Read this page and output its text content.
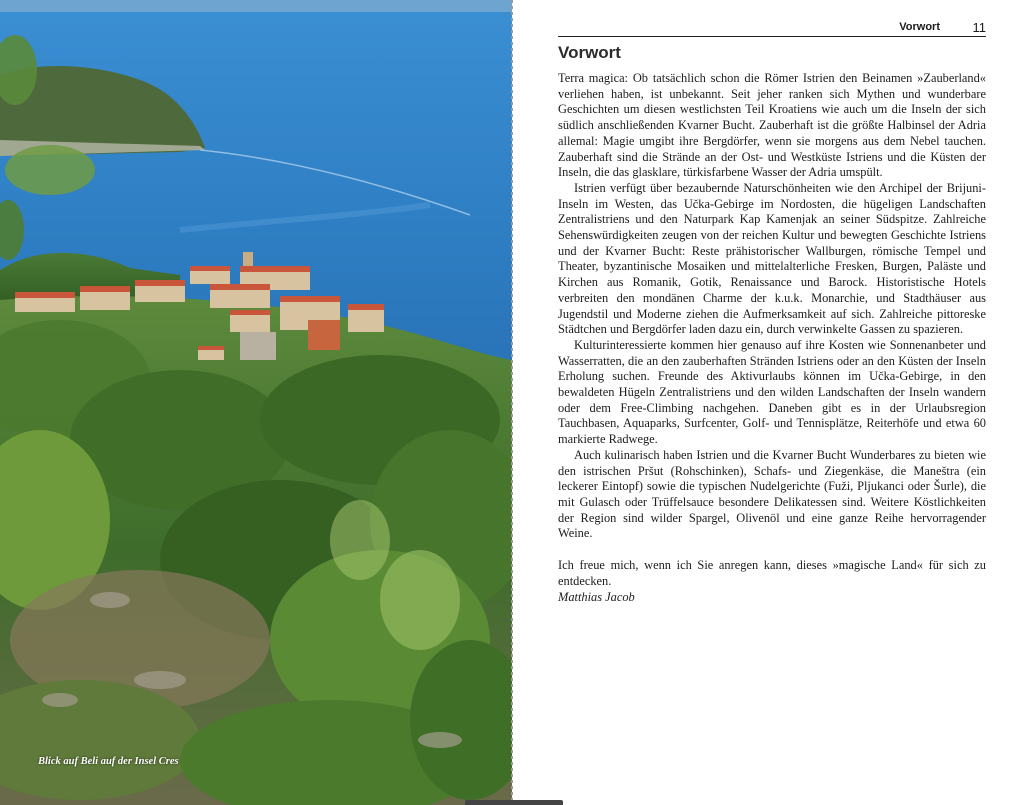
Blick auf Beli auf der Insel Cres
Vorwort	11
Vorwort

Terra magica: Ob tatsächlich schon die Römer Istrien den Beinamen »Zauberland« verliehen haben, ist unbekannt. Seit jeher ranken sich Mythen und wunderbare Geschichten um diesen westlichsten Teil Kroatiens wie auch um die Inseln der sich südlich anschließenden Kvarner Bucht. Zauberhaft ist die größte Halbinsel der Adria allemal: Magie umgibt ihre Bergdörfer, wenn sie morgens aus dem Nebel tauchen. Zauberhaft sind die Strände an der Ost- und Westküste Istriens und die Küsten der Inseln, die das glasklare, türkisfarbene Wasser der Adria umspült.

Istrien verfügt über bezaubernde Naturschönheiten wie den Archipel der Brijuni-Inseln im Westen, das Učka-Gebirge im Nordosten, die hügeligen Landschaften Zentralistriens und den Naturpark Kap Kamenjak an seiner Südspitze. Zahlreiche Sehenswürdigkeiten zeugen von der reichen Kultur und bewegten Geschichte Istriens und der Kvarner Bucht: Reste prähistorischer Wallburgen, römische Tempel und Theater, byzantinische Mosaiken und mittelalterliche Fresken, Burgen, Paläste und Kirchen aus Romanik, Gotik, Renaissance und Barock. Historistische Hotels verbreiten den mondänen Charme der k.u.k. Monarchie, und Stadthäuser aus Jugendstil und Moderne ziehen die Aufmerksamkeit auf sich. Zahlreiche pittoreske Städtchen und Bergdörfer laden dazu ein, durch verwinkelte Gassen zu spazieren.

Kulturinteressierte kommen hier genauso auf ihre Kosten wie Sonnenanbeter und Wasserratten, die an den zauberhaften Stränden Istriens oder an den Küsten der Inseln Erholung suchen. Freunde des Aktivurlaubs können im Učka-Gebirge, in den bewaldeten Hügeln Zentralistriens und den wilden Landschaften der Inseln wandern oder dem Free-Climbing nachgehen. Daneben gibt es in der Urlaubsregion Tauchbasen, Aquaparks, Surfcenter, Golf- und Tennisplätze, Reiterhöfe und etwa 60 markierte Radwege.

Auch kulinarisch haben Istrien und die Kvarner Bucht Wunderbares zu bieten wie den istrischen Pršut (Rohschinken), Schafs- und Ziegenkäse, die Maneštra (ein leckerer Eintopf) sowie die typischen Nudelgerichte (Fuži, Pljukanci oder Šurle), die mit Gulasch oder Trüffelsauce besondere Delikatessen sind. Weitere Köstlichkeiten der Region sind wilder Spargel, Olivenöl und eine ganze Reihe hervorragender Weine.

Ich freue mich, wenn ich Sie anregen kann, dieses »magische Land« für sich zu entdecken.

Matthias Jacob
